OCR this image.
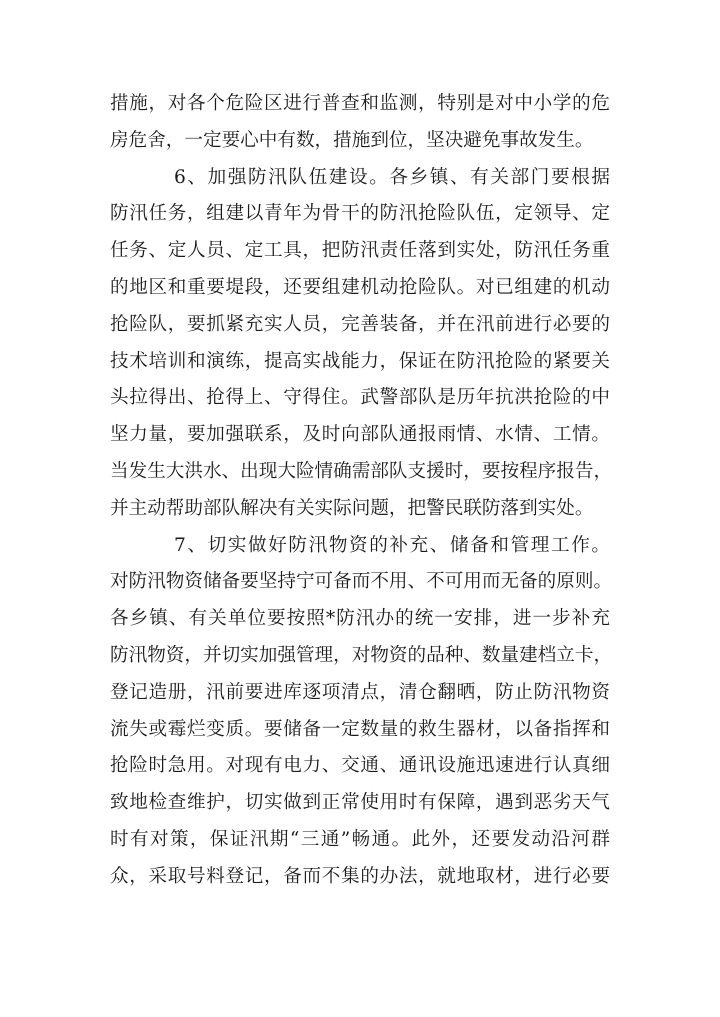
措施，对各个危险区进行普查和监测，特别是对中小学的危
房危舍，一定要心中有数，措施到位，坚决避免事故发生。
6、加强防汛队伍建设。各乡镇、有关部门要根据
防汛任务，组建以青年为骨干的防汛抢险队伍，定领导、定
任务、定人员、定工具，把防汛责任落到实处，防汛任务重
的地区和重要堤段，还要组建机动抢险队。对已组建的机动
抢险队，要抓紧充实人员，完善装备，并在汛前进行必要的
技术培训和演练，提高实战能力，保证在防汛抢险的紧要关
头拉得出、抢得上、守得住。武警部队是历年抗洪抢险的中
坚力量，要加强联系，及时向部队通报雨情、水情、工情。
当发生大洪水、出现大险情确需部队支援时，要按程序报告，
并主动帮助部队解决有关实际问题，把警民联防落到实处。
7、切实做好防汛物资的补充、储备和管理工作。
对防汛物资储备要坚持宁可备而不用、不可用而无备的原则。
各乡镇、有关单位要按照*防汛办的统一安排，进一步补充
防汛物资，并切实加强管理，对物资的品种、数量建档立卡，
登记造册，汛前要进库逐项清点，清仓翻晒，防止防汛物资
流失或霉烂变质。要储备一定数量的救生器材，以备指挥和
抢险时急用。对现有电力、交通、通讯设施迅速进行认真细
致地检查维护，切实做到正常使用时有保障，遇到恶劣天气
时有对策，保证汛期“三通”畅通。此外，还要发动沿河群
众，采取号料登记，备而不集的办法，就地取材，进行必要
